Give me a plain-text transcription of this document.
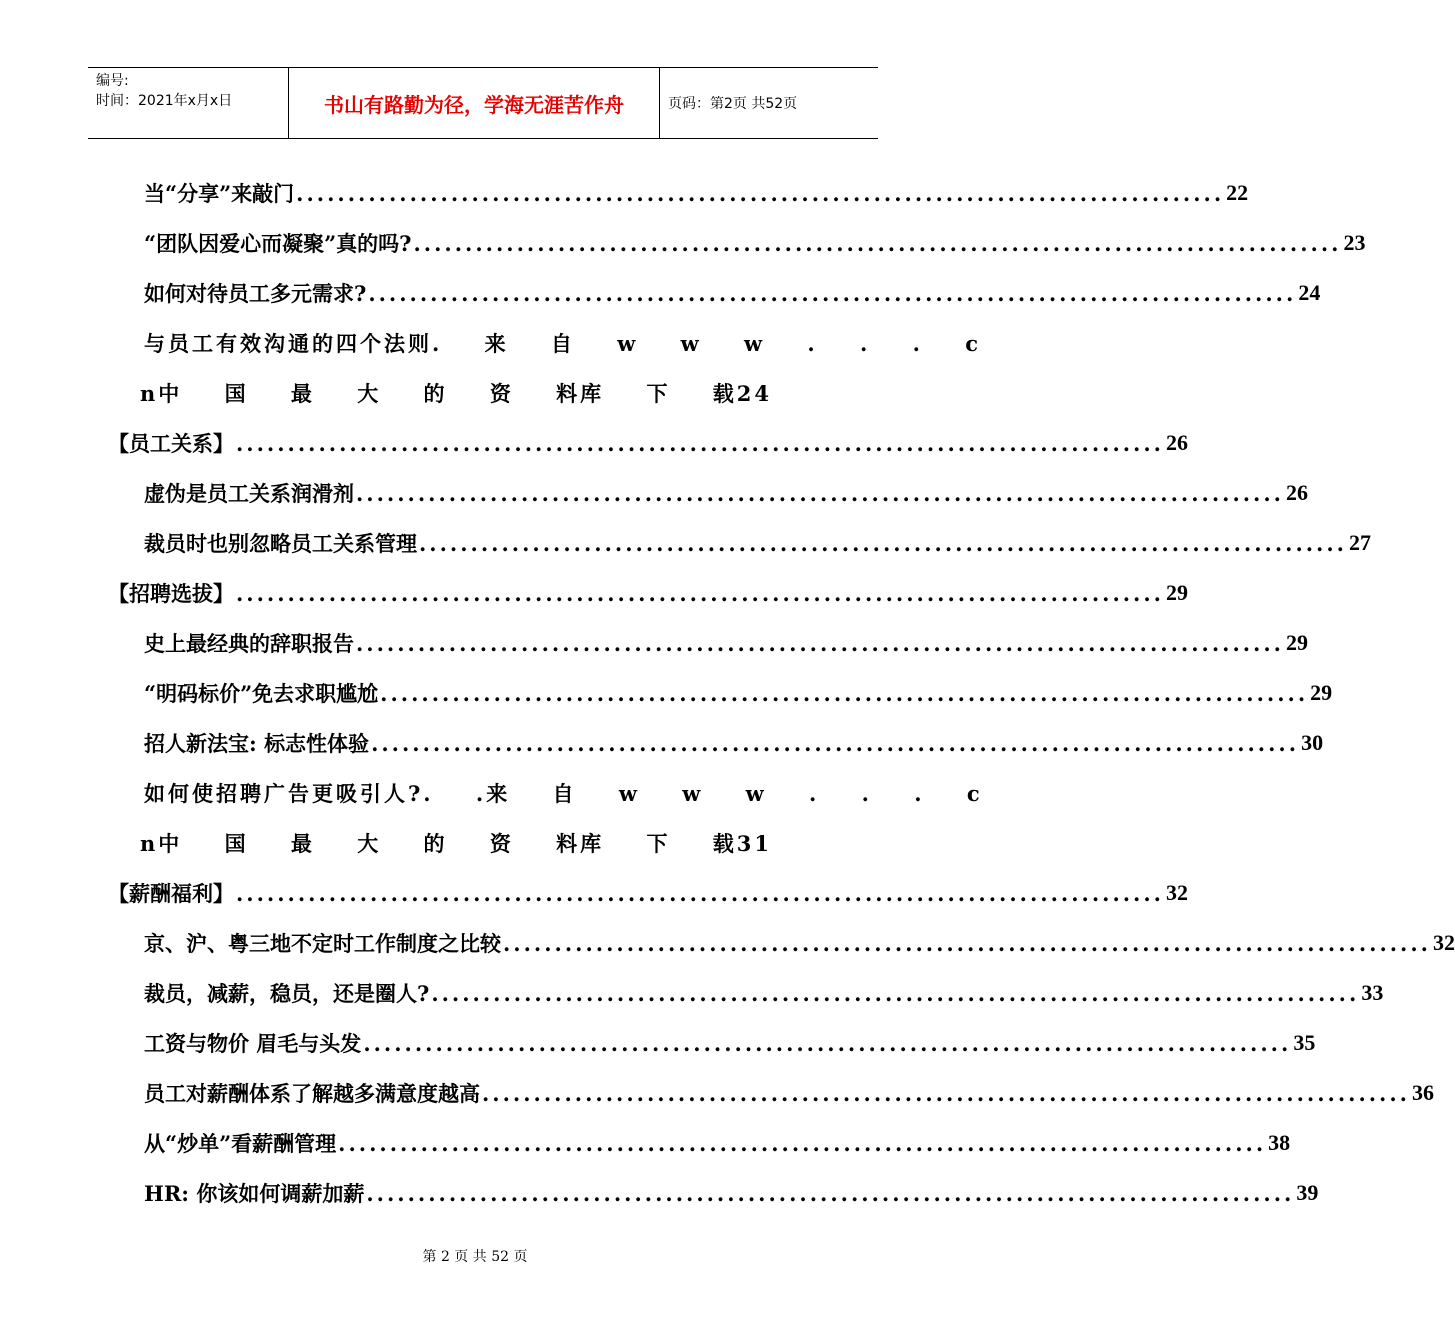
编号:
时间：2021年x月x日	书山有路勤为径，学海无涯苦作舟	页码：第2页 共52页
当“分享”来敲门 .......................................................................................... 22
“团队因爱心而凝聚”真的吗? .......................................................................................... 23
如何对待员工多元需求? .......................................................................................... 24
与员工有效沟通的四个法则. 来 自 w w w . . . c
n中 国 最 大 的 资 料库 下 载24
【员工关系】 .......................................................................................... 26
虚伪是员工关系润滑剂 .......................................................................................... 26
裁员时也别忽略员工关系管理 .......................................................................................... 27
【招聘选拔】 .......................................................................................... 29
史上最经典的辞职报告 .......................................................................................... 29
“明码标价”免去求职尴尬 .......................................................................................... 29
招人新法宝: 标志性体验 .......................................................................................... 30
如何使招聘广告更吸引人?. .来 自 w w w . . . c
n中 国 最 大 的 资 料库 下 载31
【薪酬福利】 .......................................................................................... 32
京、沪、粤三地不定时工作制度之比较 .......................................................................................... 32
裁员，减薪，稳员，还是圈人? .......................................................................................... 33
工资与物价 眉毛与头发 .......................................................................................... 35
员工对薪酬体系了解越多满意度越高 .......................................................................................... 36
从“炒单”看薪酬管理 .......................................................................................... 38
HR: 你该如何调薪加薪 .......................................................................................... 39
第 2 页 共 52 页
